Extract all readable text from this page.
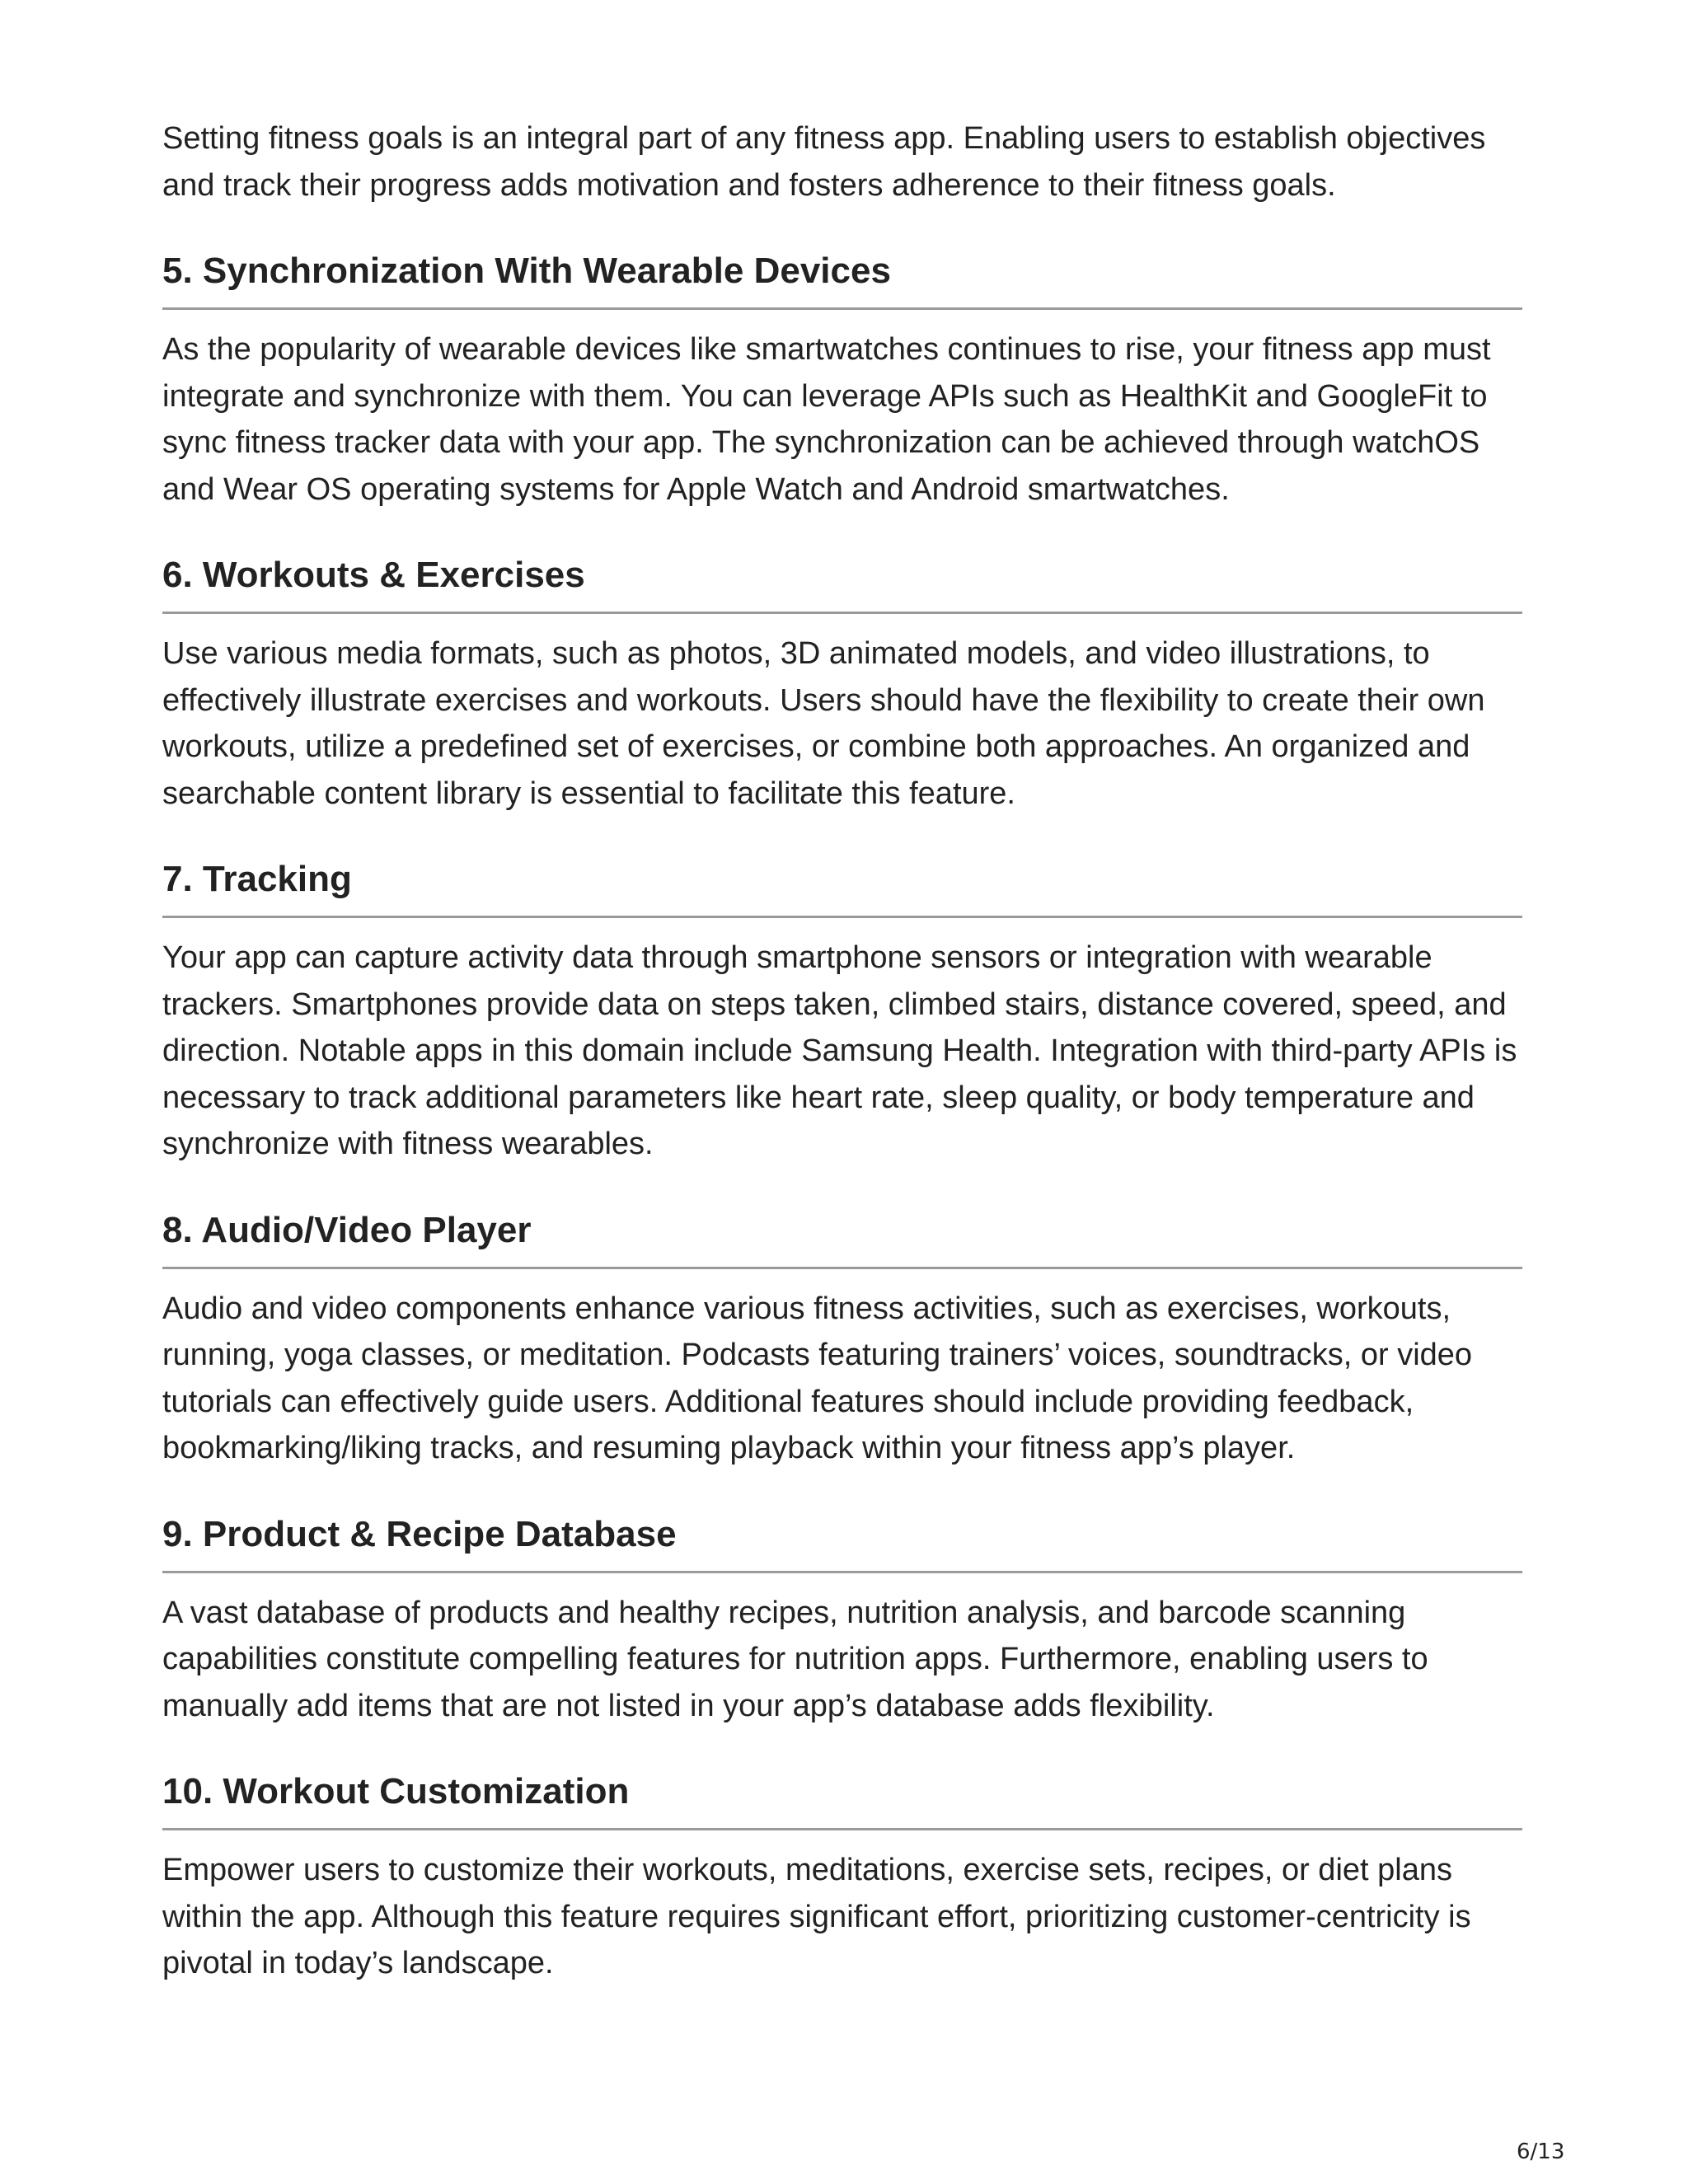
Setting fitness goals is an integral part of any fitness app. Enabling users to establish objectives and track their progress adds motivation and fosters adherence to their fitness goals.

5. Synchronization With Wearable Devices

As the popularity of wearable devices like smartwatches continues to rise, your fitness app must integrate and synchronize with them. You can leverage APIs such as HealthKit and GoogleFit to sync fitness tracker data with your app. The synchronization can be achieved through watchOS and Wear OS operating systems for Apple Watch and Android smartwatches.

6. Workouts & Exercises

Use various media formats, such as photos, 3D animated models, and video illustrations, to effectively illustrate exercises and workouts. Users should have the flexibility to create their own workouts, utilize a predefined set of exercises, or combine both approaches. An organized and searchable content library is essential to facilitate this feature.

7. Tracking

Your app can capture activity data through smartphone sensors or integration with wearable trackers. Smartphones provide data on steps taken, climbed stairs, distance covered, speed, and direction. Notable apps in this domain include Samsung Health. Integration with third-party APIs is necessary to track additional parameters like heart rate, sleep quality, or body temperature and synchronize with fitness wearables.

8. Audio/Video Player

Audio and video components enhance various fitness activities, such as exercises, workouts, running, yoga classes, or meditation. Podcasts featuring trainers’ voices, soundtracks, or video tutorials can effectively guide users. Additional features should include providing feedback, bookmarking/liking tracks, and resuming playback within your fitness app’s player.

9. Product & Recipe Database

A vast database of products and healthy recipes, nutrition analysis, and barcode scanning capabilities constitute compelling features for nutrition apps. Furthermore, enabling users to manually add items that are not listed in your app’s database adds flexibility.

10. Workout Customization

Empower users to customize their workouts, meditations, exercise sets, recipes, or diet plans within the app. Although this feature requires significant effort, prioritizing customer-centricity is pivotal in today’s landscape.

6/13
